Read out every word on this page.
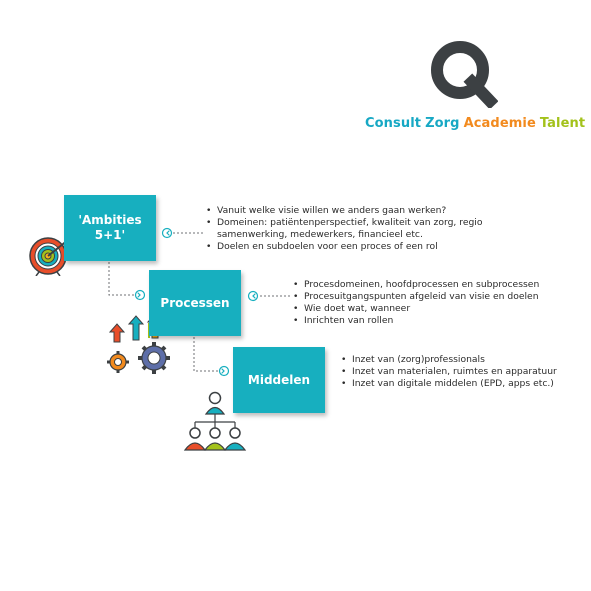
Consult Zorg Academie Talent
'Ambities 5+1'
Processen
Middelen
• Vanuit welke visie willen we anders gaan werken?
• Domeinen: patiëntenperspectief, kwaliteit van zorg, regio samenwerking, medewerkers, financieel etc.
• Doelen en subdoelen voor een proces of een rol
• Procesdomeinen, hoofdprocessen en subprocessen
• Procesuitgangspunten afgeleid van visie en doelen
• Wie doet wat, wanneer
• Inrichten van rollen
• Inzet van (zorg)professionals
• Inzet van materialen, ruimtes en apparatuur
• Inzet van digitale middelen (EPD, apps etc.)
